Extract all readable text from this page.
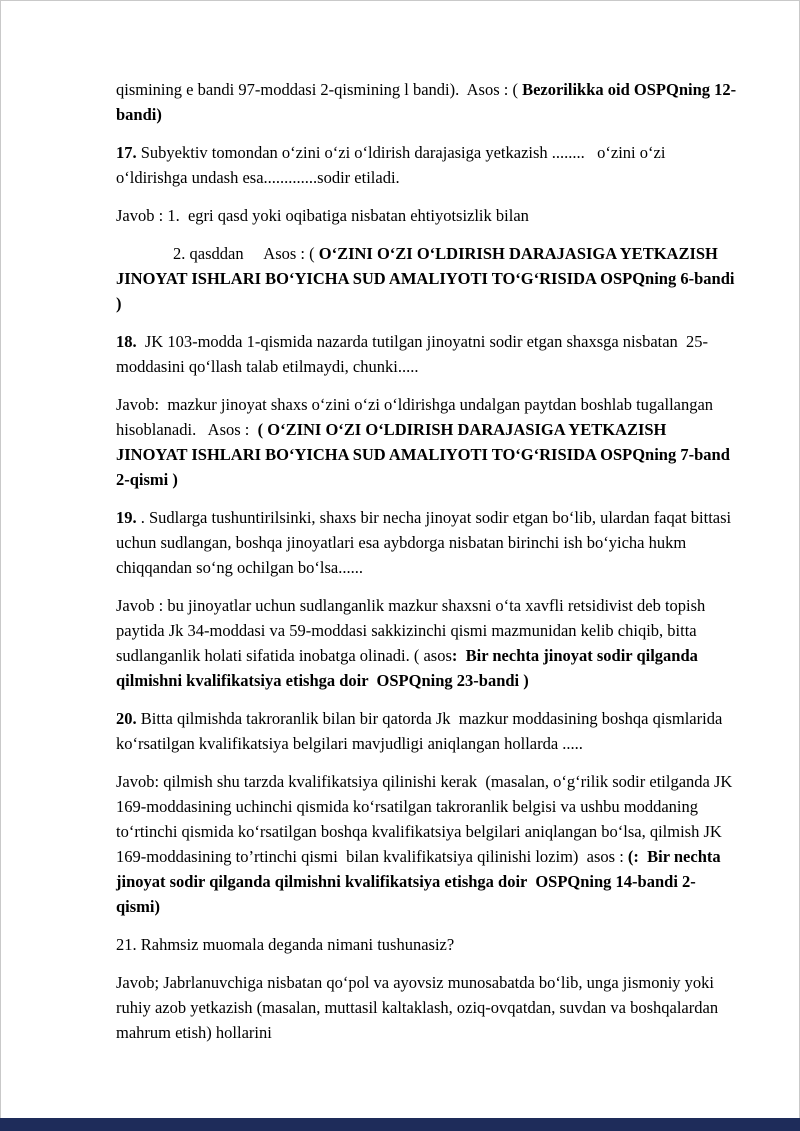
qismining e bandi 97-moddasi 2-qismining l bandi).  Asos : ( Bezorilikka oid OSPQning 12-bandi)

17. Subyektiv tomondan o‘zini o‘zi o‘ldirish darajasiga yetkazish ........   o‘zini o‘zi o‘ldirishga undash esa.............sodir etiladi.

Javob : 1.  egri qasd yoki oqibatiga nisbatan ehtiyotsizlik bilan

2. qasddan     Asos : ( O‘ZINI O‘ZI O‘LDIRISH DARAJASIGA YETKAZISH JINOYAT ISHLARI BO‘YICHA SUD AMALIYOTI TO‘G‘RISIDA OSPQning 6-bandi )

18.  JK 103-modda 1-qismida nazarda tutilgan jinoyatni sodir etgan shaxsga nisbatan  25-moddasini qo‘llash talab etilmaydi, chunki.....

Javob:  mazkur jinoyat shaxs o‘zini o‘zi o‘ldirishga undalgan paytdan boshlab tugallangan hisoblanadi.   Asos :  ( O‘ZINI O‘ZI O‘LDIRISH DARAJASIGA YETKAZISH JINOYAT ISHLARI BO‘YICHA SUD AMALIYOTI TO‘G‘RISIDA OSPQning 7-band 2-qismi )

19. . Sudlarga tushuntirilsinki, shaxs bir necha jinoyat sodir etgan bo‘lib, ulardan faqat bittasi uchun sudlangan, boshqa jinoyatlari esa aybdorga nisbatan birinchi ish bo‘yicha hukm chiqqandan so‘ng ochilgan bo‘lsa......

Javob : bu jinoyatlar uchun sudlanganlik mazkur shaxsni o‘ta xavfli retsidivist deb topish paytida Jk 34-moddasi va 59-moddasi sakkizinchi qismi mazmunidan kelib chiqib, bitta sudlanganlik holati sifatida inobatga olinadi. ( asos:  Bir nechta jinoyat sodir qilganda qilmishni kvalifikatsiya etishga doir  OSPQning 23-bandi )

20. Bitta qilmishda takroranlik bilan bir qatorda Jk  mazkur moddasining boshqa qismlarida ko‘rsatilgan kvalifikatsiya belgilari mavjudligi aniqlangan hollarda .....

Javob: qilmish shu tarzda kvalifikatsiya qilinishi kerak  (masalan, o‘g‘rilik sodir etilganda JK 169-moddasining uchinchi qismida ko‘rsatilgan takroranlik belgisi va ushbu moddaning to‘rtinchi qismida ko‘rsatilgan boshqa kvalifikatsiya belgilari aniqlangan bo‘lsa, qilmish JK 169-moddasining to’rtinchi qismi  bilan kvalifikatsiya qilinishi lozim)  asos : (:  Bir nechta jinoyat sodir qilganda qilmishni kvalifikatsiya etishga doir  OSPQning 14-bandi 2-qismi)

21. Rahmsiz muomala deganda nimani tushunasiz?

Javob; Jabrlanuvchiga nisbatan qo‘pol va ayovsiz munosabatda bo‘lib, unga jismoniy yoki ruhiy azob yetkazish (masalan, muttasil kaltaklash, oziq-ovqatdan, suvdan va boshqalardan mahrum etish) hollarini
